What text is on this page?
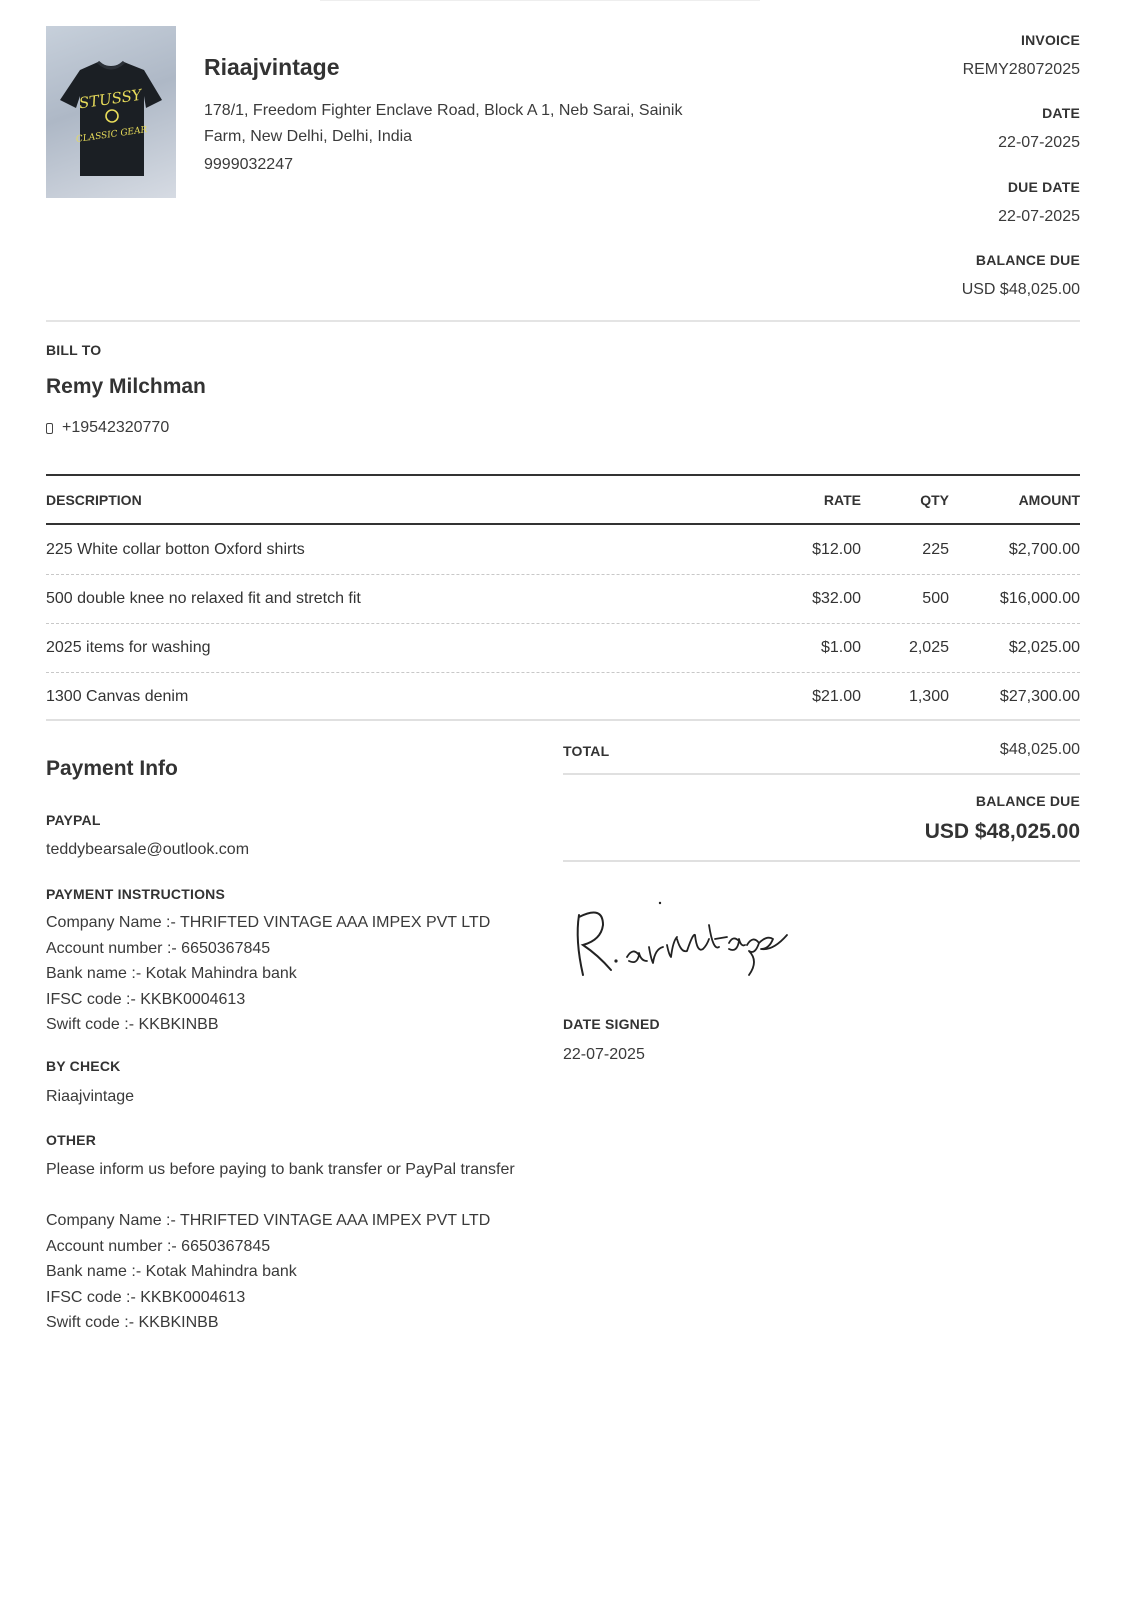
STUSSY
CLASSIC GEAR
Riaajvintage
178/1, Freedom Fighter Enclave Road, Block A 1, Neb Sarai, Sainik Farm, New Delhi, Delhi, India
9999032247
INVOICE
REMY28072025
DATE
22-07-2025
DUE DATE
22-07-2025
BALANCE DUE
USD $48,025.00
BILL TO
Remy Milchman
+19542320770
DESCRIPTION	RATE	QTY	AMOUNT
225 White collar botton Oxford shirts	$12.00	225	$2,700.00
500 double knee no relaxed fit and stretch fit	$32.00	500	$16,000.00
2025 items for washing	$1.00	2,025	$2,025.00
1300 Canvas denim	$21.00	1,300	$27,300.00
TOTAL	$48,025.00
BALANCE DUE
USD $48,025.00
Payment Info
PAYPAL
teddybearsale@outlook.com
PAYMENT INSTRUCTIONS
Company Name :- THRIFTED VINTAGE AAA IMPEX PVT LTD
Account number :- 6650367845
Bank name :- Kotak Mahindra bank
IFSC code :- KKBK0004613
Swift code :- KKBKINBB
BY CHECK
Riaajvintage
OTHER
Please inform us before paying to bank transfer or PayPal transfer

Company Name :- THRIFTED VINTAGE AAA IMPEX PVT LTD
Account number :- 6650367845
Bank name :- Kotak Mahindra bank
IFSC code :- KKBK0004613
Swift code :- KKBKINBB
DATE SIGNED
22-07-2025
